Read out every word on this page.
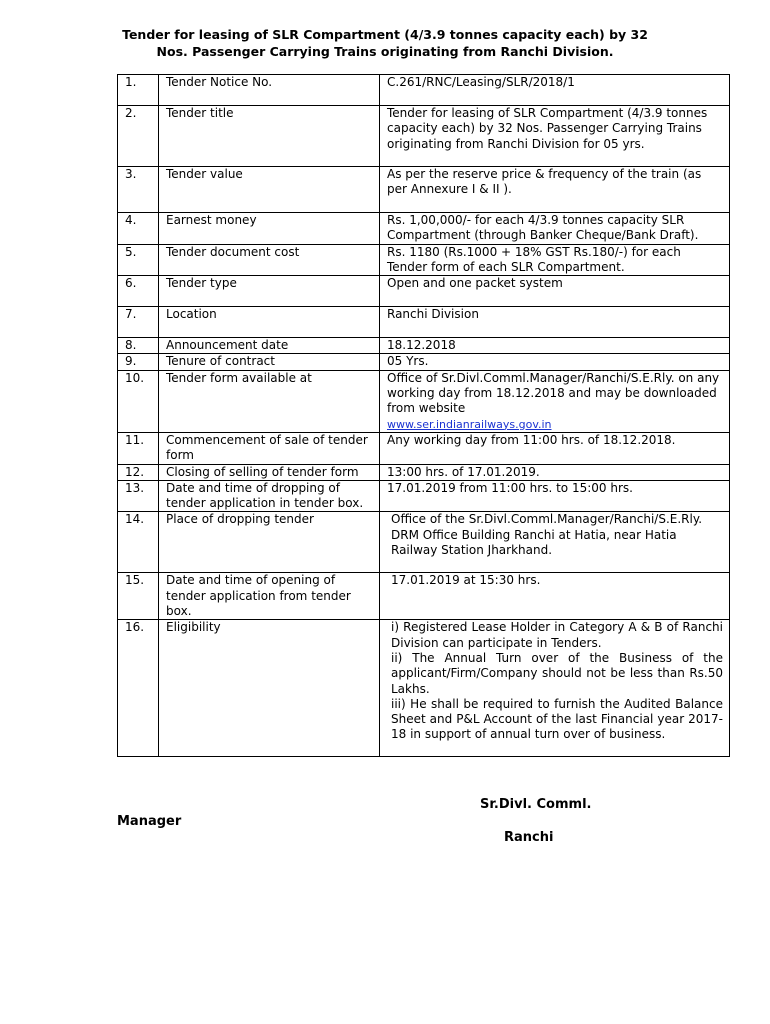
Tender for leasing of SLR Compartment (4/3.9 tonnes capacity each) by 32
Nos. Passenger Carrying Trains originating from Ranchi Division.
1.	Tender Notice No.	C.261/RNC/Leasing/SLR/2018/1
2.	Tender title	Tender for leasing of SLR Compartment (4/3.9 tonnes capacity each) by 32 Nos. Passenger Carrying Trains originating from Ranchi Division for 05 yrs.
3.	Tender value	As per the reserve price & frequency of the train (as per Annexure I & II ).
4.	Earnest money	Rs. 1,00,000/- for each 4/3.9 tonnes capacity SLR Compartment (through Banker Cheque/Bank Draft).
5.	Tender document cost	Rs. 1180 (Rs.1000 + 18% GST Rs.180/-) for each Tender form of each SLR Compartment.
6.	Tender type	Open and one packet system
7.	Location	Ranchi Division
8.	Announcement date	18.12.2018
9.	Tenure of contract	05 Yrs.
10.	Tender form available at	Office of Sr.Divl.Comml.Manager/Ranchi/S.E.Rly. on any working day from 18.12.2018 and may be downloaded from website
www.ser.indianrailways.gov.in
11.	Commencement of sale of tender form	Any working day from 11:00 hrs. of 18.12.2018.
12.	Closing of selling of tender form	13:00 hrs. of 17.01.2019.
13.	Date and time of dropping of tender application in tender box.	17.01.2019 from 11:00 hrs. to 15:00 hrs.
14.	Place of dropping tender	Office of the Sr.Divl.Comml.Manager/Ranchi/S.E.Rly. DRM Office Building Ranchi at Hatia, near Hatia Railway Station Jharkhand.
15.	Date and time of opening of tender application from tender box.	17.01.2019 at 15:30 hrs.
16.	Eligibility	i) Registered Lease Holder in Category A & B of Ranchi Division can participate in Tenders.
ii) The Annual Turn over of the Business of the applicant/Firm/Company should not be less than Rs.50 Lakhs.
iii) He shall be required to furnish the Audited Balance Sheet and P&L Account of the last Financial year 2017-18 in support of annual turn over of business.
Sr.Divl. Comml.
Manager
Ranchi
